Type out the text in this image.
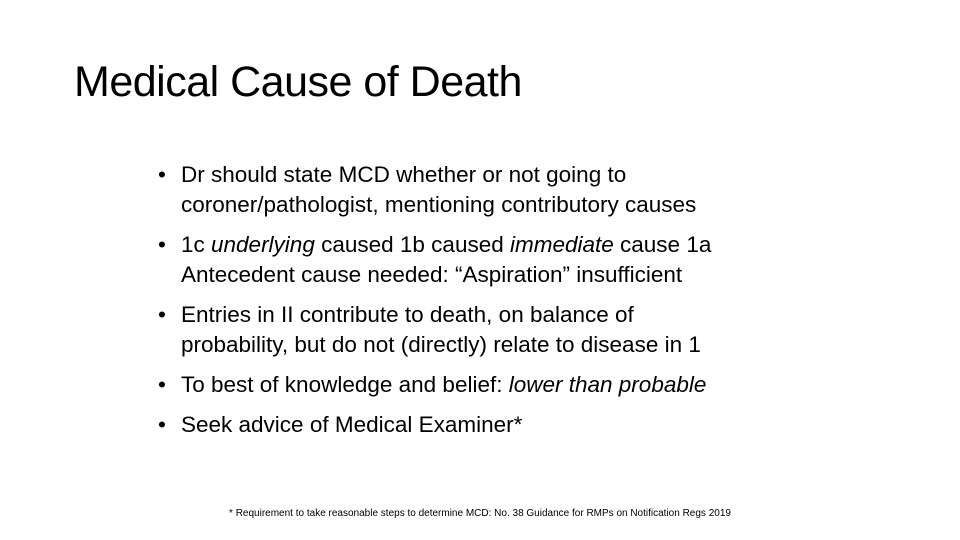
Medical Cause of Death
• Dr should state MCD whether or not going to
coroner/pathologist, mentioning contributory causes
• 1c underlying caused 1b caused immediate cause 1a
Antecedent cause needed: “Aspiration” insufficient
• Entries in II contribute to death, on balance of
probability, but do not (directly) relate to disease in 1
• To best of knowledge and belief: lower than probable
• Seek advice of Medical Examiner*
* Requirement to take reasonable steps to determine MCD: No. 38 Guidance for RMPs on Notification Regs 2019
